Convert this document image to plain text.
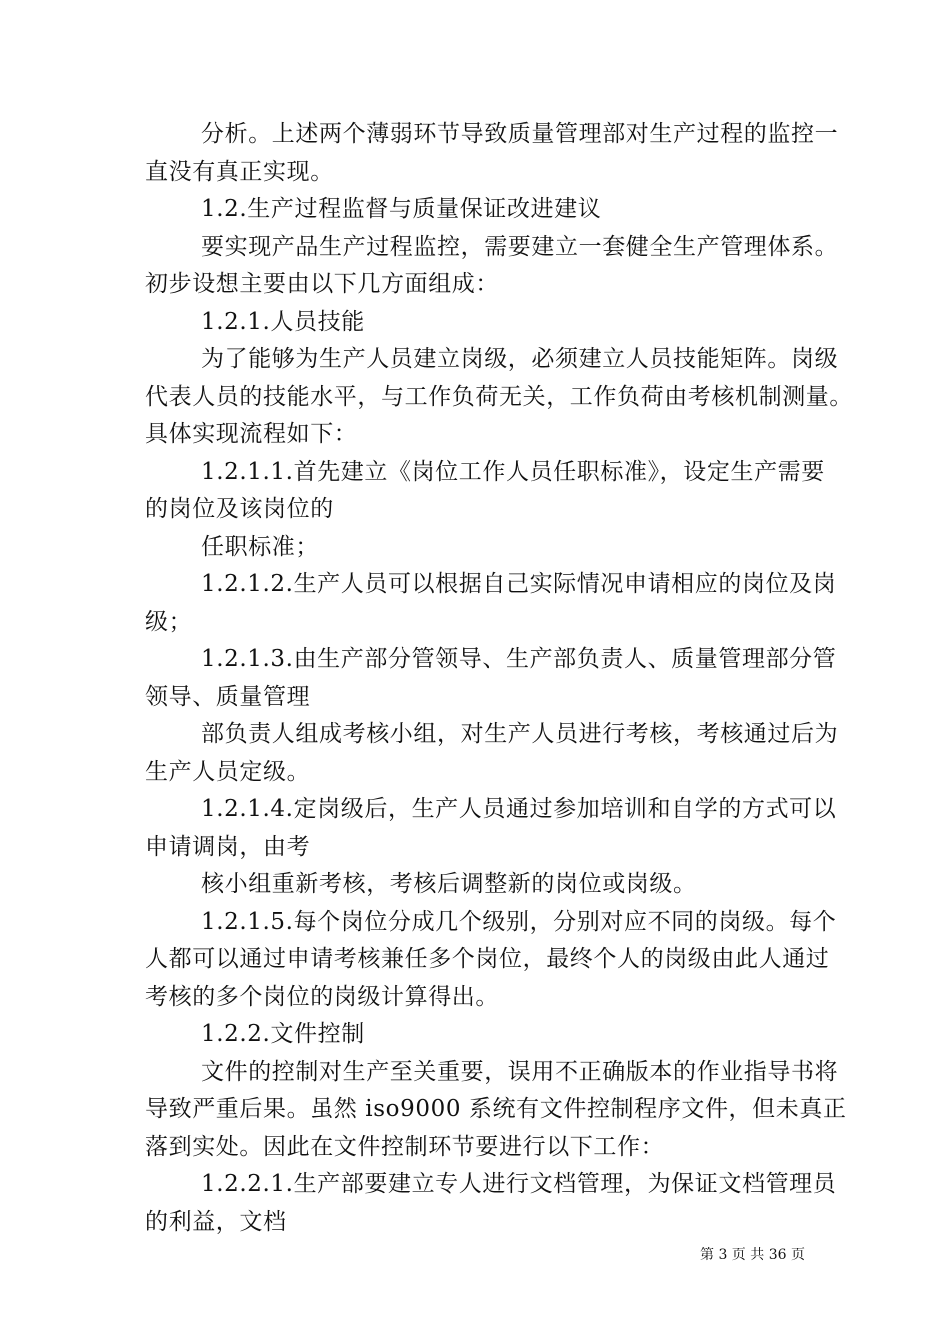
分析。上述两个薄弱环节导致质量管理部对生产过程的监控一

直没有真正实现。

1.2.生产过程监督与质量保证改进建议

要实现产品生产过程监控，需要建立一套健全生产管理体系。

初步设想主要由以下几方面组成：

1.2.1.人员技能

为了能够为生产人员建立岗级，必须建立人员技能矩阵。岗级

代表人员的技能水平，与工作负荷无关，工作负荷由考核机制测量。

具体实现流程如下：

1.2.1.1.首先建立《岗位工作人员任职标准》，设定生产需要

的岗位及该岗位的

任职标准；

1.2.1.2.生产人员可以根据自己实际情况申请相应的岗位及岗

级；

1.2.1.3.由生产部分管领导、生产部负责人、质量管理部分管

领导、质量管理

部负责人组成考核小组，对生产人员进行考核，考核通过后为

生产人员定级。

1.2.1.4.定岗级后，生产人员通过参加培训和自学的方式可以

申请调岗，由考

核小组重新考核，考核后调整新的岗位或岗级。

1.2.1.5.每个岗位分成几个级别，分别对应不同的岗级。每个

人都可以通过申请考核兼任多个岗位，最终个人的岗级由此人通过

考核的多个岗位的岗级计算得出。

1.2.2.文件控制

文件的控制对生产至关重要，误用不正确版本的作业指导书将

导致严重后果。虽然 iso9000 系统有文件控制程序文件，但未真正

落到实处。因此在文件控制环节要进行以下工作：

1.2.2.1.生产部要建立专人进行文档管理，为保证文档管理员

的利益，文档

第 3 页 共 36 页
